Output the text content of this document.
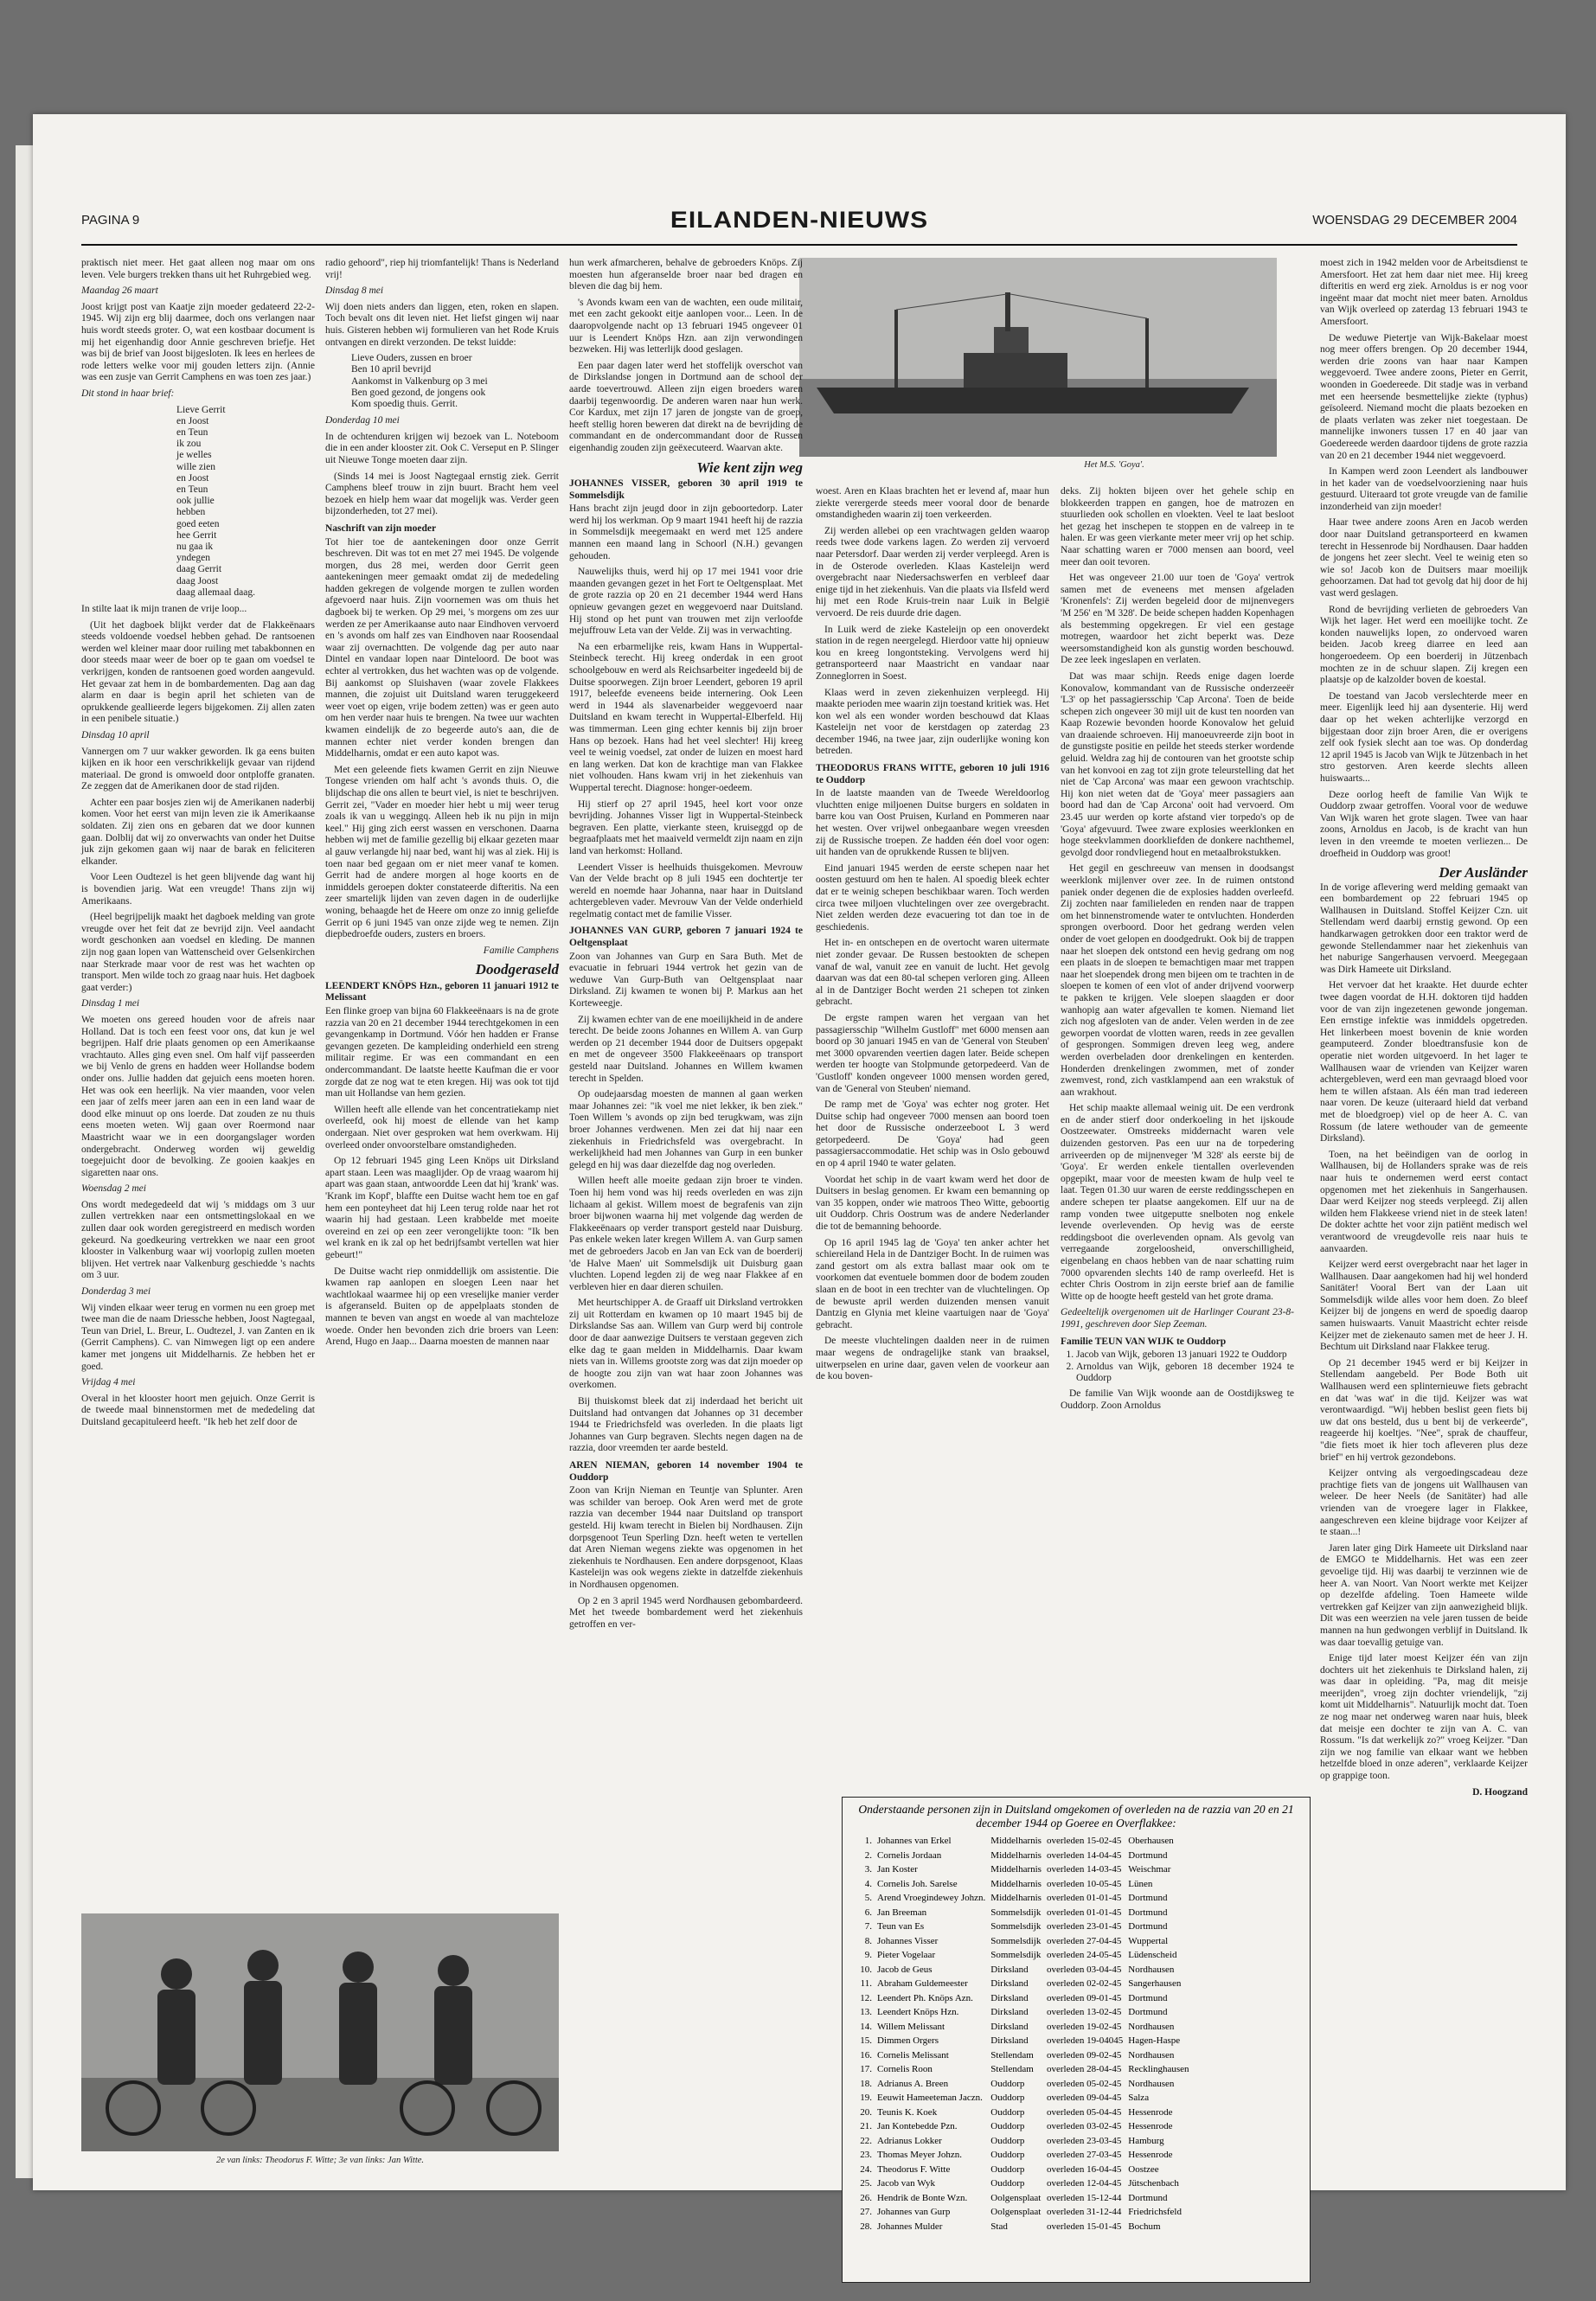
PAGINA 9	EILANDEN-NIEUWS	WOENSDAG 29 DECEMBER 2004

praktisch niet meer. Het gaat alleen nog maar om ons leven. Vele burgers trekken thans uit het Ruhrgebied weg.

Maandag 26 maart

Joost krijgt post van Kaatje zijn moeder gedateerd 22-2-1945. Wij zijn erg blij daarmee, doch ons verlangen naar huis wordt steeds groter. O, wat een kostbaar document is mij het eigenhandig door Annie geschreven briefje. Het was bij de brief van Joost bijgesloten. Ik lees en herlees de rode letters welke voor mij gouden letters zijn. (Annie was een zusje van Gerrit Camphens en was toen zes jaar.)

Dit stond in haar brief:

Lieve Gerrit
en Joost
en Teun
ik zou
je welles
wille zien
en Joost
en Teun
ook jullie
hebben
goed eeten
hee Gerrit
nu gaa ik
yndegen
daag Gerrit
daag Joost
daag allemaal daag.

In stilte laat ik mijn tranen de vrije loop...

(Uit het dagboek blijkt verder dat de Flakkeënaars steeds voldoende voedsel hebben gehad. De rantsoenen werden wel kleiner maar door ruiling met tabakbonnen en door steeds maar weer de boer op te gaan om voedsel te verkrijgen, konden de rantsoenen goed worden aangevuld. Het gevaar zat hem in de bombardementen. Dag aan dag alarm en daar is begin april het schieten van de oprukkende geallieerde legers bijgekomen. Zij allen zaten in een penibele situatie.)

Dinsdag 10 april

Vannergen om 7 uur wakker geworden. Ik ga eens buiten kijken en ik hoor een verschrikkelijk gevaar van rijdend materiaal. De grond is omwoeld door ontploffe granaten. Ze zeggen dat de Amerikanen door de stad rijden.

Achter een paar bosjes zien wij de Amerikanen naderbij komen. Voor het eerst van mijn leven zie ik Amerikaanse soldaten. Zij zien ons en gebaren dat we door kunnen gaan. Dolblij dat wij zo onverwachts van onder het Duitse juk zijn gekomen gaan wij naar de barak en feliciteren elkander.

Voor Leen Oudtezel is het geen blijvende dag want hij is bovendien jarig. Wat een vreugde! Thans zijn wij Amerikaans.

(Heel begrijpelijk maakt het dagboek melding van grote vreugde over het feit dat ze bevrijd zijn. Veel aandacht wordt geschonken aan voedsel en kleding. De mannen zijn nog gaan lopen van Wattenscheid over Gelsenkirchen naar Sterkrade maar voor de rest was het wachten op transport. Men wilde toch zo graag naar huis. Het dagboek gaat verder:)

Dinsdag 1 mei

We moeten ons gereed houden voor de afreis naar Holland. Dat is toch een feest voor ons, dat kun je wel begrijpen. Half drie plaats genomen op een Amerikaanse vrachtauto. Alles ging even snel. Om half vijf passeerden we bij Venlo de grens en hadden weer Hollandse bodem onder ons. Jullie hadden dat gejuich eens moeten horen. Het was ook een heerlijk. Na vier maanden, voor velen een jaar of zelfs meer jaren aan een in een land waar de dood elke minuut op ons loerde. Dat zouden ze nu thuis eens moeten weten. Wij gaan over Roermond naar Maastricht waar we in een doorgangslager worden ondergebracht. Onderweg worden wij geweldig toegejuicht door de bevolking. Ze gooien kaakjes en sigaretten naar ons.

Woensdag 2 mei

Ons wordt medegedeeld dat wij 's middags om 3 uur zullen vertrekken naar een ontsmettingslokaal en we zullen daar ook worden geregistreerd en medisch worden gekeurd. Na goedkeuring vertrekken we naar een groot klooster in Valkenburg waar wij voorlopig zullen moeten blijven. Het vertrek naar Valkenburg geschiedde 's nachts om 3 uur.

Donderdag 3 mei

Wij vinden elkaar weer terug en vormen nu een groep met twee man die de naam Driessche hebben, Joost Nagtegaal, Teun van Driel, L. Breur, L. Oudtezel, J. van Zanten en ik (Gerrit Camphens). C. van Nimwegen ligt op een andere kamer met jongens uit Middelharnis. Ze hebben het er goed.

Vrijdag 4 mei

Overal in het klooster hoort men gejuich. Onze Gerrit is de tweede maal binnenstormen met de mededeling dat Duitsland gecapituleerd heeft. "Ik heb het zelf door de

radio gehoord", riep hij triomfantelijk! Thans is Nederland vrij!

Dinsdag 8 mei

Wij doen niets anders dan liggen, eten, roken en slapen. Toch bevalt ons dit leven niet. Het liefst gingen wij naar huis. Gisteren hebben wij formulieren van het Rode Kruis ontvangen en direkt verzonden. De tekst luidde:

Lieve Ouders, zussen en broer
Ben 10 april bevrijd
Aankomst in Valkenburg op 3 mei
Ben goed gezond, de jongens ook
Kom spoedig thuis. Gerrit.

Donderdag 10 mei

In de ochtenduren krijgen wij bezoek van L. Noteboom die in een ander klooster zit. Ook C. Verseput en P. Slinger uit Nieuwe Tonge moeten daar zijn.

(Sinds 14 mei is Joost Nagtegaal ernstig ziek. Gerrit Camphens bleef trouw in zijn buurt. Bracht hem veel bezoek en hielp hem waar dat mogelijk was. Verder geen bijzonderheden, tot 27 mei).

Naschrift van zijn moeder

Tot hier toe de aantekeningen door onze Gerrit beschreven. Dit was tot en met 27 mei 1945. De volgende morgen, dus 28 mei, werden door Gerrit geen aantekeningen meer gemaakt omdat zij de mededeling hadden gekregen de volgende morgen te zullen worden afgevoerd naar huis. Zijn voornemen was om thuis het dagboek bij te werken. Op 29 mei, 's morgens om zes uur werden ze per Amerikaanse auto naar Eindhoven vervoerd en 's avonds om half zes van Eindhoven naar Roosendaal waar zij overnachtten. De volgende dag per auto naar Dintel en vandaar lopen naar Dinteloord. De boot was echter al vertrokken, dus het wachten was op de volgende. Bij aankomst op Sluishaven (waar zovele Flakkees mannen, die zojuist uit Duitsland waren teruggekeerd weer voet op eigen, vrije bodem zetten) was er geen auto om hen verder naar huis te brengen. Na twee uur wachten kwamen eindelijk de zo begeerde auto's aan, die de mannen echter niet verder konden brengen dan Middelharnis, omdat er een auto kapot was.

Met een geleende fiets kwamen Gerrit en zijn Nieuwe Tongese vrienden om half acht 's avonds thuis. O, die blijdschap die ons allen te beurt viel, is niet te beschrijven. Gerrit zei, "Vader en moeder hier hebt u mij weer terug zoals ik van u weggingq. Alleen heb ik nu pijn in mijn keel." Hij ging zich eerst wassen en verschonen. Daarna hebben wij met de familie gezellig bij elkaar gezeten maar al gauw verlangde hij naar bed, want hij was al ziek. Hij is toen naar bed gegaan om er niet meer vanaf te komen. Gerrit had de andere morgen al hoge koorts en de inmiddels geroepen dokter constateerde difteritis. Na een zeer smartelijk lijden van zeven dagen in de ouderlijke woning, behaagde het de Heere om onze zo innig geliefde Gerrit op 6 juni 1945 van onze zijde weg te nemen. Zijn diepbedroefde ouders, zusters en broers.

Familie Camphens

Doodgeraseld

LEENDERT KNÖPS Hzn., geboren 11 januari 1912 te Melissant

Een flinke groep van bijna 60 Flakkeeënaars is na de grote razzia van 20 en 21 december 1944 terechtgekomen in een gevangenkamp in Dortmund. Vóór hen hadden er Franse gevangen gezeten. De kampleiding onderhield een streng militair regime. Er was een commandant en een ondercommandant. De laatste heette Kaufman die er voor zorgde dat ze nog wat te eten kregen. Hij was ook tot tijd man uit Hollandse van hem gezien.

Willen heeft alle ellende van het concentratiekamp niet overleefd, ook hij moest de ellende van het kamp ondergaan. Niet over gesproken wat hem overkwam. Hij overleed onder onvoorstelbare omstandigheden.

Op 12 februari 1945 ging Leen Knöps uit Dirksland apart staan. Leen was maaglijder. Op de vraag waarom hij apart was gaan staan, antwoordde Leen dat hij 'krank' was. 'Krank im Kopf', blaffte een Duitse wacht hem toe en gaf hem een ponteyheet dat hij Leen terug rolde naar het rot waarin hij had gestaan. Leen krabbelde met moeite overeind en zei op een zeer verongelijkte toon: "Ik ben wel krank en ik zal op het bedrijfsambt vertellen wat hier gebeurt!"

De Duitse wacht riep onmiddellijk om assistentie. Die kwamen rap aanlopen en sloegen Leen naar het wachtlokaal waarmee hij op een vreselijke manier verder is afgeranseld. Buiten op de appelplaats stonden de mannen te beven van angst en woede al van machteloze woede. Onder hen bevonden zich drie broers van Leen: Arend, Hugo en Jaap... Daarna moesten de mannen naar

Het M.S. 'Goya'.

hun werk afmarcheren, behalve de gebroeders Knöps. Zij moesten hun afgeranselde broer naar bed dragen en bleven die dag bij hem.

's Avonds kwam een van de wachten, een oude militair, met een zacht gekookt eitje aanlopen voor... Leen. In de daaropvolgende nacht op 13 februari 1945 ongeveer 01 uur is Leendert Knöps Hzn. aan zijn verwondingen bezweken. Hij was letterlijk dood geslagen.

Een paar dagen later werd het stoffelijk overschot van de Dirkslandse jongen in Dortmund aan de school der aarde toevertrouwd. Alleen zijn eigen broeders waren daarbij tegenwoordig. De anderen waren naar hun werk. Cor Kardux, met zijn 17 jaren de jongste van de groep, heeft stellig horen beweren dat direkt na de bevrijding de commandant en de ondercommandant door de Russen eigenhandig zouden zijn geëxecuteerd. Waarvan akte.

Wie kent zijn weg

JOHANNES VISSER, geboren 30 april 1919 te Sommelsdijk

Hans bracht zijn jeugd door in zijn geboortedorp. Later werd hij los werkman. Op 9 maart 1941 heeft hij de razzia in Sommelsdijk meegemaakt en werd met 125 andere mannen een maand lang in Schoorl (N.H.) gevangen gehouden.

Nauwelijks thuis, werd hij op 17 mei 1941 voor drie maanden gevangen gezet in het Fort te Oeltgensplaat. Met de grote razzia op 20 en 21 december 1944 werd Hans opnieuw gevangen gezet en weggevoerd naar Duitsland. Hij stond op het punt van trouwen met zijn verloofde mejuffrouw Leta van der Velde. Zij was in verwachting.

Na een erbarmelijke reis, kwam Hans in Wuppertal-Steinbeck terecht. Hij kreeg onderdak in een groot schoolgebouw en werd als Reichsarbeiter ingedeeld bij de Duitse spoorwegen. Zijn broer Leendert, geboren 19 april 1917, beleefde eveneens beide internering. Ook Leen werd in 1944 als slavenarbeider weggevoerd naar Duitsland en kwam terecht in Wuppertal-Elberfeld. Hij was timmerman. Leen ging echter kennis bij zijn broer Hans op bezoek. Hans had het veel slechter! Hij kreeg veel te weinig voedsel, zat onder de luizen en moest hard en lang werken. Dat kon de krachtige man van Flakkee niet volhouden. Hans kwam vrij in het ziekenhuis van Wuppertal terecht. Diagnose: honger-oedeem.

Hij stierf op 27 april 1945, heel kort voor onze bevrijding. Johannes Visser ligt in Wuppertal-Steinbeck begraven. Een platte, vierkante steen, kruiseggd op de begraafplaats met het maaiveld vermeldt zijn naam en zijn land van herkomst: Holland.

Leendert Visser is heelhuids thuisgekomen. Mevrouw Van der Velde bracht op 8 juli 1945 een dochtertje ter wereld en noemde haar Johanna, naar haar in Duitsland achtergebleven vader. Mevrouw Van der Velde onderhield regelmatig contact met de familie Visser.

JOHANNES VAN GURP, geboren 7 januari 1924 te Oeltgensplaat

Zoon van Johannes van Gurp en Sara Buth. Met de evacuatie in februari 1944 vertrok het gezin van de weduwe Van Gurp-Buth van Oeltgensplaat naar Dirksland. Zij kwamen te wonen bij P. Markus aan het Korteweegje.

Zij kwamen echter van de ene moeilijkheid in de andere terecht. De beide zoons Johannes en Willem A. van Gurp werden op 21 december 1944 door de Duitsers opgepakt en met de ongeveer 3500 Flakkeeënaars op transport gesteld naar Duitsland. Johannes en Willem kwamen terecht in Spelden.

Op oudejaarsdag moesten de mannen al gaan werken maar Johannes zei: "ik voel me niet lekker, ik ben ziek." Toen Willem 's avonds op zijn bed terugkwam, was zijn broer Johannes verdwenen. Men zei dat hij naar een ziekenhuis in Friedrichsfeld was overgebracht. In werkelijkheid had men Johannes van Gurp in een bunker gelegd en hij was daar diezelfde dag nog overleden.

Willen heeft alle moeite gedaan zijn broer te vinden. Toen hij hem vond was hij reeds overleden en was zijn lichaam al gekist. Willem moest de begrafenis van zijn broer bijwonen waarna hij met volgende dag werden de Flakkeeënaars op verder transport gesteld naar Duisburg. Pas enkele weken later kregen Willem A. van Gurp samen met de gebroeders Jacob en Jan van Eck van de boerderij 'de Halve Maen' uit Sommelsdijk uit Duisburg gaan vluchten. Lopend legden zij de weg naar Flakkee af en verbleven hier en daar dieren schuilen.

Met heurtschipper A. de Graaff uit Dirksland vertrokken zij uit Rotterdam en kwamen op 10 maart 1945 bij de Dirkslandse Sas aan. Willem van Gurp werd bij controle door de daar aanwezige Duitsers te verstaan gegeven zich elke dag te gaan melden in Middelharnis. Daar kwam niets van in. Willems grootste zorg was dat zijn moeder op de hoogte zou zijn van wat haar zoon Johannes was overkomen.

Bij thuiskomst bleek dat zij inderdaad het bericht uit Duitsland had ontvangen dat Johannes op 31 december 1944 te Friedrichsfeld was overleden. In die plaats ligt Johannes van Gurp begraven. Slechts negen dagen na de razzia, door vreemden ter aarde besteld.

AREN NIEMAN, geboren 14 november 1904 te Ouddorp

Zoon van Krijn Nieman en Teuntje van Splunter. Aren was schilder van beroep. Ook Aren werd met de grote razzia van december 1944 naar Duitsland op transport gesteld. Hij kwam terecht in Bielen bij Nordhausen. Zijn dorpsgenoot Teun Sperling Dzn. heeft weten te vertellen dat Aren Nieman wegens ziekte was opgenomen in het ziekenhuis te Nordhausen. Een andere dorpsgenoot, Klaas Kasteleijn was ook wegens ziekte in datzelfde ziekenhuis in Nordhausen opgenomen.

Op 2 en 3 april 1945 werd Nordhausen gebombardeerd. Met het tweede bombardement werd het ziekenhuis getroffen en ver-

woest. Aren en Klaas brachten het er levend af, maar hun ziekte verergerde steeds meer vooral door de benarde omstandigheden waarin zij toen verkeerden.

Zij werden allebei op een vrachtwagen gelden waarop reeds twee dode varkens lagen. Zo werden zij vervoerd naar Petersdorf. Daar werden zij verder verpleegd. Aren is in de Osterode overleden. Klaas Kasteleijn werd overgebracht naar Niedersachswerfen en verbleef daar enige tijd in het ziekenhuis. Van die plaats via Ilsfeld werd hij met een Rode Kruis-trein naar Luik in België vervoerd. De reis duurde drie dagen.

In Luik werd de zieke Kasteleijn op een onoverdekt station in de regen neergelegd. Hierdoor vatte hij opnieuw kou en kreeg longontsteking. Vervolgens werd hij getransporteerd naar Maastricht en vandaar naar Zonneglorren in Soest.

Klaas werd in zeven ziekenhuizen verpleegd. Hij maakte perioden mee waarin zijn toestand kritiek was. Het kon wel als een wonder worden beschouwd dat Klaas Kasteleijn net voor de kerstdagen op zaterdag 23 december 1946, na twee jaar, zijn ouderlijke woning kon betreden.

THEODORUS FRANS WITTE, geboren 10 juli 1916 te Ouddorp

In de laatste maanden van de Tweede Wereldoorlog vluchtten enige miljoenen Duitse burgers en soldaten in barre kou van Oost Pruisen, Kurland en Pommeren naar het westen. Over vrijwel onbegaanbare wegen vreesden zij de Russische troepen. Ze hadden één doel voor ogen: uit handen van de oprukkende Russen te blijven.

Eind januari 1945 werden de eerste schepen naar het oosten gestuurd om hen te halen. Al spoedig bleek echter dat er te weinig schepen beschikbaar waren. Toch werden circa twee miljoen vluchtelingen over zee overgebracht. Niet zelden werden deze evacuering tot dan toe in de geschiedenis.

Het in- en ontschepen en de overtocht waren uitermate niet zonder gevaar. De Russen bestookten de schepen vanaf de wal, vanuit zee en vanuit de lucht. Het gevolg daarvan was dat een 80-tal schepen verloren ging. Alleen al in de Dantziger Bocht werden 21 schepen tot zinken gebracht.

De ergste rampen waren het vergaan van het passagiersschip "Wilhelm Gustloff" met 6000 mensen aan boord op 30 januari 1945 en van de 'General von Steuben' met 3000 opvarenden veertien dagen later. Beide schepen werden ter hoogte van Stolpmunde getorpedeerd. Van de 'Gustloff' konden ongeveer 1000 mensen worden gered, van de 'General von Steuben' niemand.

De ramp met de 'Goya' was echter nog groter. Het Duitse schip had ongeveer 7000 mensen aan boord toen het door de Russische onderzeeboot L 3 werd getorpedeerd. De 'Goya' had geen passagiersaccommodatie. Het schip was in Oslo gebouwd en op 4 april 1940 te water gelaten.

Voordat het schip in de vaart kwam werd het door de Duitsers in beslag genomen. Er kwam een bemanning op van 35 koppen, onder wie matroos Theo Witte, geboortig uit Ouddorp. Chris Oostrum was de andere Nederlander die tot de bemanning behoorde.

Op 16 april 1945 lag de 'Goya' ten anker achter het schiereiland Hela in de Dantziger Bocht. In de ruimen was zand gestort om als extra ballast maar ook om te voorkomen dat eventuele bommen door de bodem zouden slaan en de boot in een trechter van de vluchtelingen. Op de bewuste april werden duizenden mensen vanuit Dantzig en Glynia met kleine vaartuigen naar de 'Goya' gebracht.

De meeste vluchtelingen daalden neer in de ruimen maar wegens de ondragelijke stank van braaksel, uitwerpselen en urine daar, gaven velen de voorkeur aan de kou boven-

deks. Zij hokten bijeen over het gehele schip en blokkeerden trappen en gangen, hoe de matrozen en stuurlieden ook schollen en vloekten. Veel te laat besloot het gezag het inschepen te stoppen en de valreep in te halen. Er was geen vierkante meter meer vrij op het schip. Naar schatting waren er 7000 mensen aan boord, veel meer dan ooit tevoren.

Het was ongeveer 21.00 uur toen de 'Goya' vertrok samen met de eveneens met mensen afgeladen 'Kronenfels': Zij werden begeleid door de mijnenvegers 'M 256' en 'M 328'. De beide schepen hadden Kopenhagen als bestemming opgekregen. Er viel een gestage motregen, waardoor het zicht beperkt was. Deze weersomstandigheid kon als gunstig worden beschouwd. De zee leek ingeslapen en verlaten.

Dat was maar schijn. Reeds enige dagen loerde Konovalow, kommandant van de Russische onderzeeër 'L3' op het passagiersschip 'Cap Arcona'. Toen de beide schepen zich ongeveer 30 mijl uit de kust ten noorden van Kaap Rozewie bevonden hoorde Konovalow het geluid van draaiende schroeven. Hij manoeuvreerde zijn boot in de gunstigste positie en peilde het steeds sterker wordende geluid. Weldra zag hij de contouren van het grootste schip van het konvooi en zag tot zijn grote teleurstelling dat het niet de 'Cap Arcona' was maar een gewoon vrachtschip. Hij kon niet weten dat de 'Goya' meer passagiers aan boord had dan de 'Cap Arcona' ooit had vervoerd. Om 23.45 uur werden op korte afstand vier torpedo's op de 'Goya' afgevuurd. Twee zware explosies weerklonken en hoge steekvlammen doorkliefden de donkere nachthemel, gevolgd door rondvliegend hout en metaalbrokstukken.

Het gegil en geschreeuw van mensen in doodsangst weerklonk mijlenver over zee. In de ruimen ontstond paniek onder degenen die de explosies hadden overleefd. Zij zochten naar familieleden en renden naar de trappen om het binnenstromende water te ontvluchten. Honderden sprongen overboord. Door het gedrang werden velen onder de voet gelopen en doodgedrukt. Ook bij de trappen naar het sloepen dek ontstond een hevig gedrang om nog een plaats in de sloepen te bemachtigen maar met trappen naar het sloependek drong men bijeen om te trachten in de sloepen te komen of een vlot of ander drijvend voorwerp te pakken te krijgen. Vele sloepen slaagden er door wanhopig aan water afgevallen te komen. Niemand liet zich nog afgesloten van de ander. Velen werden in de zee geworpen voordat de vlotten waren, reeds in zee gevallen of gesprongen. Sommigen dreven leeg weg, andere werden overbeladen door drenkelingen en kenterden. Honderden drenkelingen zwommen, met of zonder zwemvest, rond, zich vastklampend aan een wrakstuk of aan wrakhout.

Het schip maakte allemaal weinig uit. De een verdronk en de ander stierf door onderkoeling in het ijskoude Oostzeewater. Omstreeks middernacht waren vele duizenden gestorven. Pas een uur na de torpedering arriveerden op de mijnenveger 'M 328' als eerste bij de 'Goya'. Er werden enkele tientallen overlevenden opgepikt, maar voor de meesten kwam de hulp veel te laat. Tegen 01.30 uur waren de eerste reddingsschepen en andere schepen ter plaatse aangekomen. Elf uur na de ramp vonden twee uitgeputte snelboten nog enkele levende overlevenden. Op hevig was de eerste reddingsboot die overlevenden opnam. Als gevolg van verregaande zorgeloosheid, onverschilligheid, eigenbelang en chaos hebben van de naar schatting ruim 7000 opvarenden slechts 140 de ramp overleefd. Het is echter Chris Oostrom in zijn eerste brief aan de familie Witte op de hoogte heeft gesteld van het grote drama.

Gedeeltelijk overgenomen uit de Harlinger Courant 23-8-1991, geschreven door Siep Zeeman.

Familie TEUN VAN WIJK te Ouddorp
1. Jacob van Wijk, geboren 13 januari 1922 te Ouddorp
2. Arnoldus van Wijk, geboren 18 december 1924 te Ouddorp

De familie Van Wijk woonde aan de Oostdijksweg te Ouddorp. Zoon Arnoldus

moest zich in 1942 melden voor de Arbeitsdienst te Amersfoort. Het zat hem daar niet mee. Hij kreeg difteritis en werd erg ziek. Arnoldus is er nog voor ingeënt maar dat mocht niet meer baten. Arnoldus van Wijk overleed op zaterdag 13 februari 1943 te Amersfoort.

De weduwe Pietertje van Wijk-Bakelaar moest nog meer offers brengen. Op 20 december 1944, werden drie zoons van haar naar Kampen weggevoerd. Twee andere zoons, Pieter en Gerrit, woonden in Goedereede. Dit stadje was in verband met een heersende besmettelijke ziekte (typhus) geïsoleerd. Niemand mocht die plaats bezoeken en de plaats verlaten was zeker niet toegestaan. De mannelijke inwoners tussen 17 en 40 jaar van Goedereede werden daardoor tijdens de grote razzia van 20 en 21 december 1944 niet weggevoerd.

In Kampen werd zoon Leendert als landbouwer in het kader van de voedselvoorziening naar huis gestuurd. Uiteraard tot grote vreugde van de familie inzonderheid van zijn moeder!

Haar twee andere zoons Aren en Jacob werden door naar Duitsland getransporteerd en kwamen terecht in Hessenrode bij Nordhausen. Daar hadden de jongens het zeer slecht. Veel te weinig eten so wie so! Jacob kon de Duitsers maar moeilijk gehoorzamen. Dat had tot gevolg dat hij door de hij vast werd geslagen.

Rond de bevrijding verlieten de gebroeders Van Wijk het lager. Het werd een moeilijke tocht. Ze konden nauwelijks lopen, zo ondervoed waren beiden. Jacob kreeg diarree en leed aan hongeroedeem. Op een boerderij in Jützenbach mochten ze in de schuur slapen. Zij kregen een plaatsje op de kalzolder boven de koestal.

De toestand van Jacob verslechterde meer en meer. Eigenlijk leed hij aan dysenterie. Hij werd daar op het weken achterlijke verzorgd en bijgestaan door zijn broer Aren, die er overigens zelf ook fysiek slecht aan toe was. Op donderdag 12 april 1945 is Jacob van Wijk te Jützenbach in het stro gestorven. Aren keerde slechts alleen huiswaarts...

Deze oorlog heeft de familie Van Wijk te Ouddorp zwaar getroffen. Vooral voor de weduwe Van Wijk waren het grote slagen. Twee van haar zoons, Arnoldus en Jacob, is de kracht van hun leven in den vreemde te moeten verliezen... De droefheid in Ouddorp was groot!

Der Ausländer

In de vorige aflevering werd melding gemaakt van een bombardement op 22 februari 1945 op Wallhausen in Duitsland. Stoffel Keijzer Czn. uit Stellendam werd daarbij ernstig gewond. Op een handkarwagen getrokken door een traktor werd de gewonde Stellendammer naar het ziekenhuis van het naburige Sangerhausen vervoerd. Meegegaan was Dirk Hameete uit Dirksland.

Het vervoer dat het kraakte. Het duurde echter twee dagen voordat de H.H. doktoren tijd hadden voor de van zijn ingezetenen gewonde jongeman. Een ernstige infektie was inmiddels opgetreden. Het linkerbeen moest bovenin de knie worden geamputeerd. Zonder bloedtransfusie kon de operatie niet worden uitgevoerd. In het lager te Wallhausen waar de vrienden van Keijzer waren achtergebleven, werd een man gevraagd bloed voor hem te willen afstaan. Als één man trad iedereen naar voren. De keuze (uiteraard hield dat verband met de bloedgroep) viel op de heer A. C. van Rossum (de latere wethouder van de gemeente Dirksland).

Toen, na het beëindigen van de oorlog in Wallhausen, bij de Hollanders sprake was de reis naar huis te ondernemen werd eerst contact opgenomen met het ziekenhuis in Sangerhausen. Daar werd Keijzer nog steeds verpleegd. Zij allen wilden hem Flakkeese vriend niet in de steek laten! De dokter achtte het voor zijn patiënt medisch wel verantwoord de vreugdevolle reis naar huis te aanvaarden.

Keijzer werd eerst overgebracht naar het lager in Wallhausen. Daar aangekomen had hij wel honderd Sanitäter! Vooral Bert van der Laan uit Sommelsdijk wilde alles voor hem doen. Zo bleef Keijzer bij de jongens en werd de spoedig daarop samen huiswaarts. Vanuit Maastricht echter reisde Keijzer met de ziekenauto samen met de heer J. H. Bechtum uit Dirksland naar Flakkee terug.

Op 21 december 1945 werd er bij Keijzer in Stellendam aangebeld. Per Bode Both uit Wallhausen werd een splinternieuwe fiets gebracht en dat 'was wat' in die tijd. Keijzer was wat verontwaardigd. "Wij hebben beslist geen fiets bij uw dat ons besteld, dus u bent bij de verkeerde", reageerde hij koeltjes. "Nee", sprak de chauffeur, "die fiets moet ik hier toch afleveren plus deze brief" en hij vertrok gezondebons.

Keijzer ontving als vergoedingscadeau deze prachtige fiets van de jongens uit Wallhausen van weleer. De heer Neels (de Sanitäter) had alle vrienden van de vroegere lager in Flakkee, aangeschreven een kleine bijdrage voor Keijzer af te staan...!

Jaren later ging Dirk Hameete uit Dirksland naar de EMGO te Middelharnis. Het was een zeer gevoelige tijd. Hij was daarbij te verzinnen wie de heer A. van Noort. Van Noort werkte met Keijzer op dezelfde afdeling. Toen Hameete wilde vertrekken gaf Keijzer van zijn aanwezigheid blijk. Dit was een weerzien na vele jaren tussen de beide mannen na hun gedwongen verblijf in Duitsland. Ik was daar toevallig getuige van.

Enige tijd later moest Keijzer één van zijn dochters uit het ziekenhuis te Dirksland halen, zij was daar in opleiding. "Pa, mag dit meisje meerijden", vroeg zijn dochter vriendelijk, "zij komt uit Middelharnis". Natuurlijk mocht dat. Toen ze nog maar net onderweg waren naar huis, bleek dat meisje een dochter te zijn van A. C. van Rossum. "Is dat werkelijk zo?" vroeg Keijzer. "Dan zijn we nog familie van elkaar want we hebben hetzelfde bloed in onze aderen", verklaarde Keijzer op grappige toon.

D. Hoogzand

2e van links: Theodorus F. Witte; 3e van links: Jan Witte.
Onderstaande personen zijn in Duitsland omgekomen of overleden na de razzia van 20 en 21 december 1944 op Goeree en Overflakkee:
1.	Johannes van Erkel	Middelharnis	overleden 15-02-45	Oberhausen
2.	Cornelis Jordaan	Middelharnis	overleden 14-04-45	Dortmund
3.	Jan Koster	Middelharnis	overleden 14-03-45	Weischmar
4.	Cornelis Joh. Sarelse	Middelharnis	overleden 10-05-45	Lünen
5.	Arend Vroegindewey Johzn.	Middelharnis	overleden 01-01-45	Dortmund
6.	Jan Breeman	Sommelsdijk	overleden 01-01-45	Dortmund
7.	Teun van Es	Sommelsdijk	overleden 23-01-45	Dortmund
8.	Johannes Visser	Sommelsdijk	overleden 27-04-45	Wuppertal
9.	Pieter Vogelaar	Sommelsdijk	overleden 24-05-45	Lüdenscheid
10.	Jacob de Geus	Dirksland	overleden 03-04-45	Nordhausen
11.	Abraham Guldemeester	Dirksland	overleden 02-02-45	Sangerhausen
12.	Leendert Ph. Knöps Azn.	Dirksland	overleden 09-01-45	Dortmund
13.	Leendert Knöps Hzn.	Dirksland	overleden 13-02-45	Dortmund
14.	Willem Melissant	Dirksland	overleden 19-02-45	Nordhausen
15.	Dimmen Orgers	Dirksland	overleden 19-04045	Hagen-Haspe
16.	Cornelis Melissant	Stellendam	overleden 09-02-45	Nordhausen
17.	Cornelis Roon	Stellendam	overleden 28-04-45	Recklinghausen
18.	Adrianus A. Breen	Ouddorp	overleden 05-02-45	Nordhausen
19.	Eeuwit Hameeteman Jaczn.	Ouddorp	overleden 09-04-45	Salza
20.	Teunis K. Koek	Ouddorp	overleden 05-04-45	Hessenrode
21.	Jan Kontebedde Pzn.	Ouddorp	overleden 03-02-45	Hessenrode
22.	Adrianus Lokker	Ouddorp	overleden 23-03-45	Hamburg
23.	Thomas Meyer Johzn.	Ouddorp	overleden 27-03-45	Hessenrode
24.	Theodorus F. Witte	Ouddorp	overleden 16-04-45	Oostzee
25.	Jacob van Wyk	Ouddorp	overleden 12-04-45	Jütschenbach
26.	Hendrik de Bonte Wzn.	Oolgensplaat	overleden 15-12-44	Dortmund
27.	Johannes van Gurp	Oolgensplaat	overleden 31-12-44	Friedrichsfeld
28.	Johannes Mulder	Stad	overleden 15-01-45	Bochum
